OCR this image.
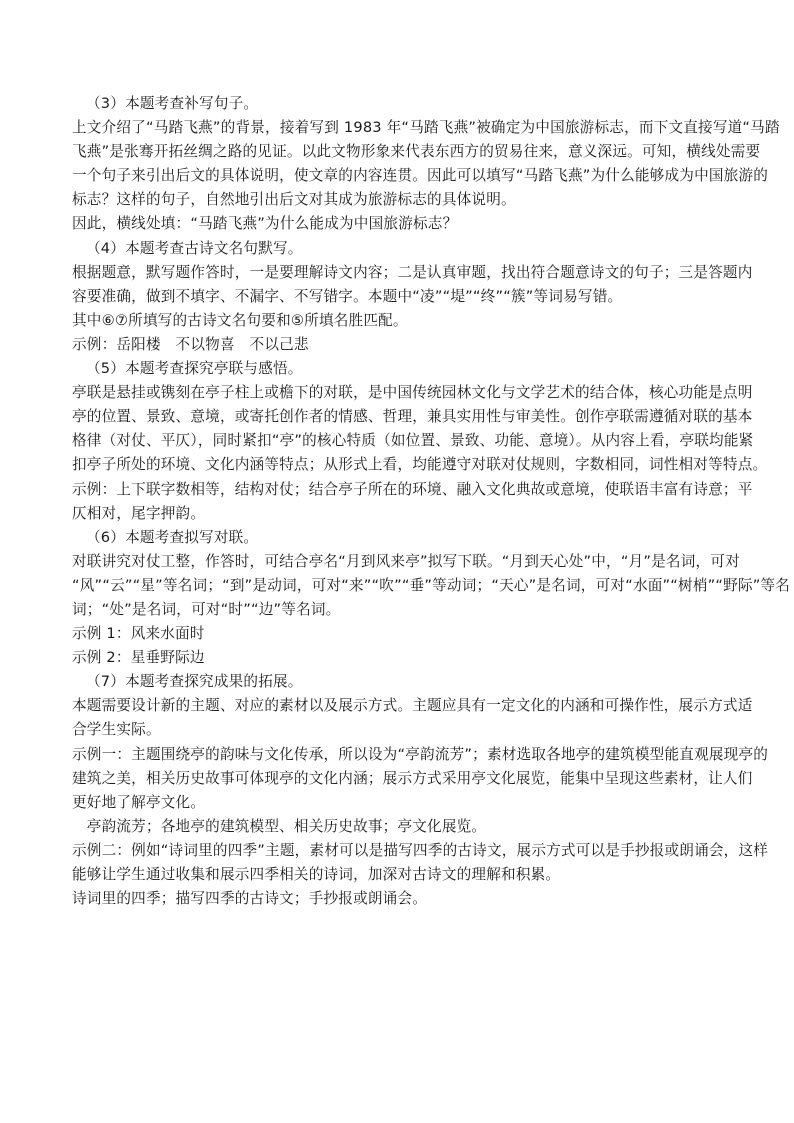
（3）本题考查补写句子。
上文介绍了“马踏飞燕”的背景，接着写到 1983 年“马踏飞燕”被确定为中国旅游标志，而下文直接写道“马踏
飞燕”是张骞开拓丝绸之路的见证。以此文物形象来代表东西方的贸易往来，意义深远。可知，横线处需要
一个句子来引出后文的具体说明，使文章的内容连贯。因此可以填写“马踏飞燕”为什么能够成为中国旅游的
标志？这样的句子，自然地引出后文对其成为旅游标志的具体说明。
因此，横线处填：“马踏飞燕”为什么能成为中国旅游标志？
（4）本题考查古诗文名句默写。
根据题意，默写题作答时，一是要理解诗文内容；二是认真审题，找出符合题意诗文的句子；三是答题内
容要准确，做到不填字、不漏字、不写错字。本题中“凌”“堤”“终”“簇”等词易写错。
其中⑥⑦所填写的古诗文名句要和⑤所填名胜匹配。
示例：岳阳楼　不以物喜　不以己悲
（5）本题考查探究亭联与感悟。
亭联是悬挂或镌刻在亭子柱上或檐下的对联，是中国传统园林文化与文学艺术的结合体，核心功能是点明
亭的位置、景致、意境，或寄托创作者的情感、哲理，兼具实用性与审美性。创作亭联需遵循对联的基本
格律（对仗、平仄），同时紧扣“亭”的核心特质（如位置、景致、功能、意境）。从内容上看，亭联均能紧
扣亭子所处的环境、文化内涵等特点；从形式上看，均能遵守对联对仗规则，字数相同，词性相对等特点。
示例：上下联字数相等，结构对仗；结合亭子所在的环境、融入文化典故或意境，使联语丰富有诗意；平
仄相对，尾字押韵。
（6）本题考查拟写对联。
对联讲究对仗工整，作答时，可结合亭名“月到风来亭”拟写下联。“月到天心处”中，“月”是名词，可对
“风”“云”“星”等名词；“到”是动词，可对“来”“吹”“垂”等动词；“天心”是名词，可对“水面”“树梢”“野际”等名
词；“处”是名词，可对“时”“边”等名词。
示例 1：风来水面时
示例 2：星垂野际边
（7）本题考查探究成果的拓展。
本题需要设计新的主题、对应的素材以及展示方式。主题应具有一定文化的内涵和可操作性，展示方式适
合学生实际。
示例一：主题围绕亭的韵味与文化传承，所以设为“亭韵流芳”；素材选取各地亭的建筑模型能直观展现亭的
建筑之美，相关历史故事可体现亭的文化内涵；展示方式采用亭文化展览，能集中呈现这些素材，让人们
更好地了解亭文化。
　亭韵流芳；各地亭的建筑模型、相关历史故事；亭文化展览。
示例二：例如“诗词里的四季”主题，素材可以是描写四季的古诗文，展示方式可以是手抄报或朗诵会，这样
能够让学生通过收集和展示四季相关的诗词，加深对古诗文的理解和积累。
诗词里的四季；描写四季的古诗文；手抄报或朗诵会。
